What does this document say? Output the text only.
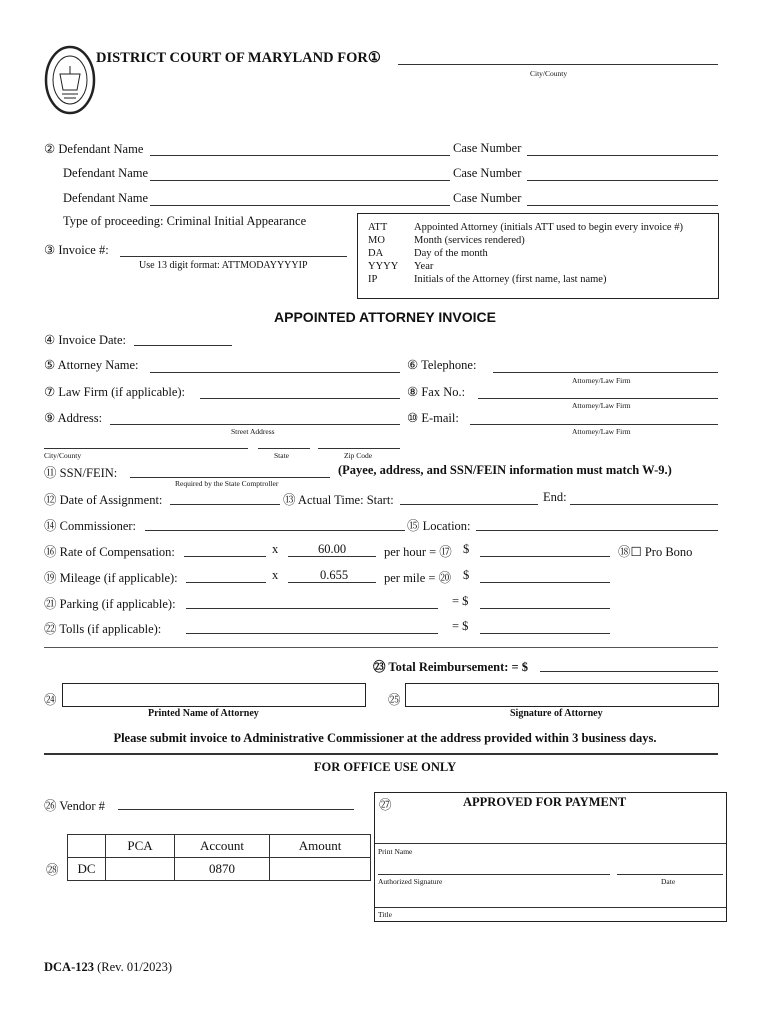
DISTRICT COURT OF MARYLAND FOR①
City/County
② Defendant Name	Case Number
Defendant Name	Case Number
Defendant Name	Case Number
Type of proceeding: Criminal Initial Appearance
③ Invoice #:
Use 13 digit format: ATTMODAYYYYIP
ATT	Appointed Attorney (initials ATT used to begin every invoice #)
MO	Month (services rendered)
DA	Day of the month
YYYY Year
IP	Initials of the Attorney (first name, last name)
APPOINTED ATTORNEY INVOICE
④ Invoice Date:
⑤ Attorney Name:	⑥ Telephone:
Attorney/Law Firm
⑦ Law Firm (if applicable):	⑧ Fax No.:
Attorney/Law Firm
⑨ Address:
Street Address
⑩ E-mail:
Attorney/Law Firm
City/County	State	Zip Code
⑪ SSN/FEIN:
Required by the State Comptroller
(Payee, address, and SSN/FEIN information must match W-9.)
⑫ Date of Assignment:	⑬ Actual Time: Start:	End:
⑭ Commissioner:	⑮ Location:
⑯ Rate of Compensation:	x	60.00	per hour = ⑰ $	⑱☐ Pro Bono
⑲ Mileage (if applicable):	x	0.655	per mile = ⑳ $
㉑ Parking (if applicable):	= $
㉒ Tolls (if applicable):	= $
㉓ Total Reimbursement: = $
㉔
Printed Name of Attorney
㉕
Signature of Attorney
Please submit invoice to Administrative Commissioner at the address provided within 3 business days.
FOR OFFICE USE ONLY
㉖ Vendor #
㉘
	PCA	Account	Amount
DC		0870	
㉗	APPROVED FOR PAYMENT
Print Name
Authorized Signature	Date
Title
DCA-123 (Rev. 01/2023)
